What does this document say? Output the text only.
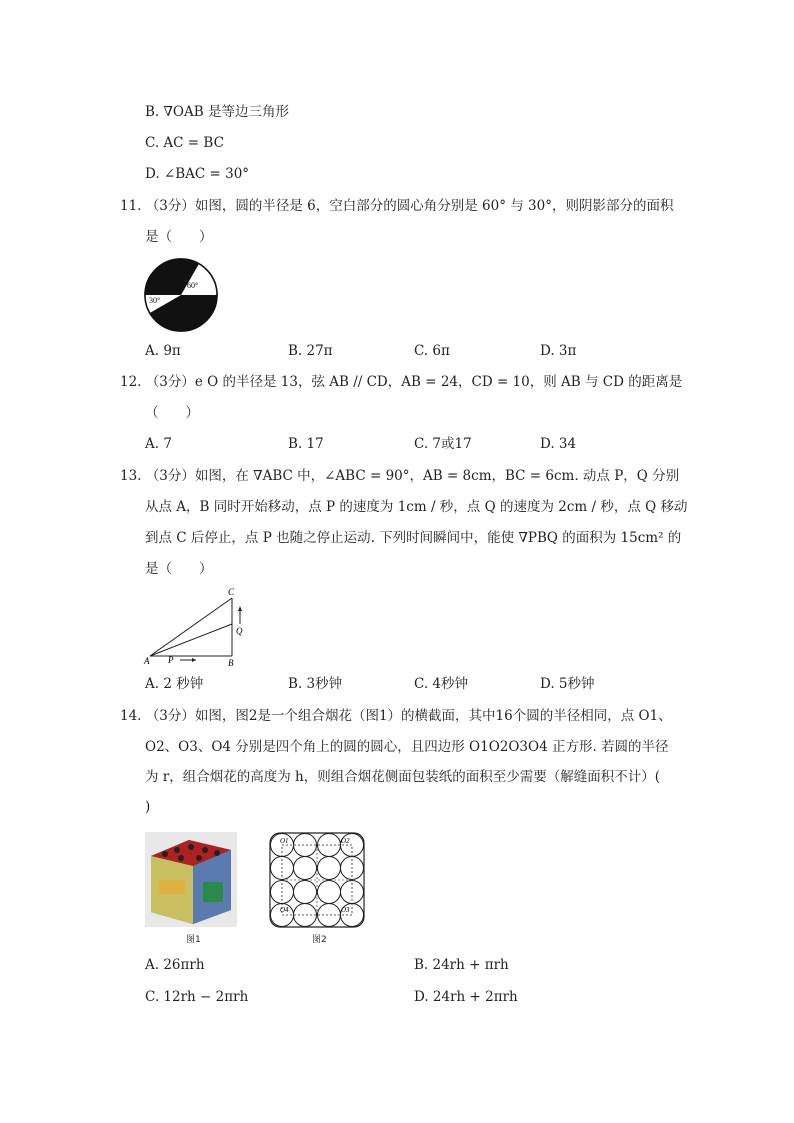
B. ∇OAB 是等边三角形
C. AC = BC
D. ∠BAC = 30°
11. （3分）如图，圆的半径是 6，空白部分的圆心角分别是 60° 与 30°，则阴影部分的面积
是（　　）
30°
60°
A. 9π	B. 27π	C. 6π	D. 3π
12. （3分）e O 的半径是 13，弦 AB // CD，AB = 24，CD = 10，则 AB 与 CD 的距离是
（　　）
A. 7	B. 17	C. 7或17	D. 34
13. （3分）如图，在 ∇ABC 中，∠ABC = 90°，AB = 8cm，BC = 6cm. 动点 P，Q 分别
从点 A，B 同时开始移动，点 P 的速度为 1cm / 秒，点 Q 的速度为 2cm / 秒，点 Q 移动
到点 C 后停止，点 P 也随之停止运动. 下列时间瞬间中，能使 ∇PBQ 的面积为 15cm² 的
是（　　）
A	B
C
P
Q
A. 2 秒钟	B. 3秒钟	C. 4秒钟	D. 5秒钟
14. （3分）如图，图2是一个组合烟花（图1）的横截面，其中16个圆的半径相同，点 O1、
O2、O3、O4 分别是四个角上的圆的圆心，且四边形 O1O2O3O4 正方形. 若圆的半径
为 r，组合烟花的高度为 h，则组合烟花侧面包装纸的面积至少需要（解缝面积不计）(
)
图1
O1	O2
O3
O4
图2
A. 26πrh	B. 24rh + πrh
C. 12rh − 2πrh	D. 24rh + 2πrh
